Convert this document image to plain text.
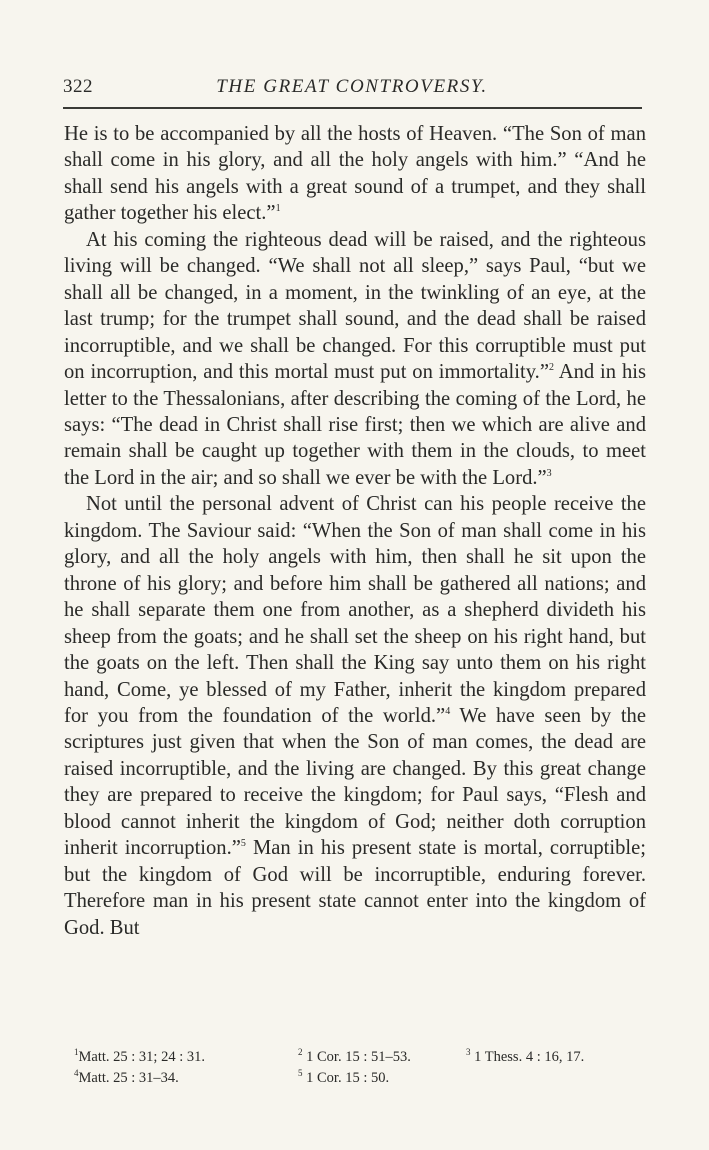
322	THE GREAT CONTROVERSY.

He is to be accompanied by all the hosts of Heaven. “The Son of man shall come in his glory, and all the holy angels with him.” “And he shall send his angels with a great sound of a trumpet, and they shall gather together his elect.”$^1$

At his coming the righteous dead will be raised, and the righteous living will be changed. “We shall not all sleep,” says Paul, “but we shall all be changed, in a moment, in the twinkling of an eye, at the last trump; for the trumpet shall sound, and the dead shall be raised incorruptible, and we shall be changed. For this corruptible must put on incorruption, and this mortal must put on immortality.”$^2$ And in his letter to the Thessalonians, after describing the coming of the Lord, he says: “The dead in Christ shall rise first; then we which are alive and remain shall be caught up together with them in the clouds, to meet the Lord in the air; and so shall we ever be with the Lord.”$^3$

Not until the personal advent of Christ can his people receive the kingdom. The Saviour said: “When the Son of man shall come in his glory, and all the holy angels with him, then shall he sit upon the throne of his glory; and before him shall be gathered all nations; and he shall separate them one from another, as a shepherd divideth his sheep from the goats; and he shall set the sheep on his right hand, but the goats on the left. Then shall the King say unto them on his right hand, Come, ye blessed of my Father, inherit the kingdom prepared for you from the foundation of the world.”$^4$ We have seen by the scriptures just given that when the Son of man comes, the dead are raised incorruptible, and the living are changed. By this great change they are prepared to receive the kingdom; for Paul says, “Flesh and blood cannot inherit the kingdom of God; neither doth corruption inherit incorruption.”$^5$ Man in his present state is mortal, corruptible; but the kingdom of God will be incorruptible, enduring forever. Therefore man in his present state cannot enter into the kingdom of God. But

$^1$Matt. 25 : 31; 24 : 31.	$^2$ 1 Cor. 15 : 51–53.	$^3$ 1 Thess. 4 : 16, 17.
$^4$Matt. 25 : 31–34.	$^5$ 1 Cor. 15 : 50.
